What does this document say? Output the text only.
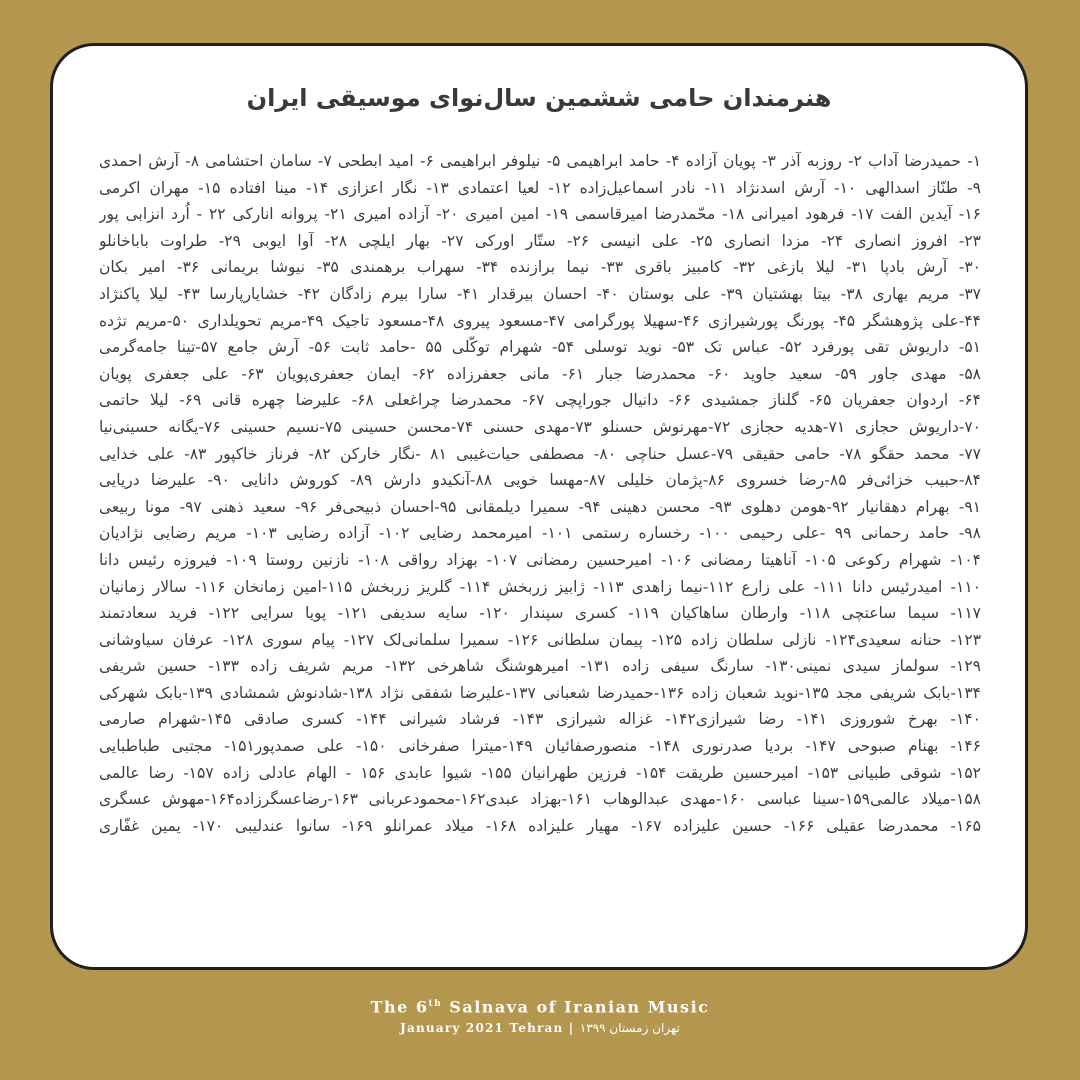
هنرمندان حامی ششمین سال‌نوای موسیقی ایران
۱- حمیدرضا آداب ۲- روزبه آذر ۳- پویان آزاده ۴- حامد ابراهیمی ۵- نیلوفر ابراهیمی ۶- امید ابطحی ۷- سامان احتشامی ۸- آرش احمدی
۹- طنّاز اسدالهی ۱۰- آرش اسدنژاد ۱۱- نادر اسماعیل‌زاده ۱۲- لعیا اعتمادی ۱۳- نگار اعزازی ۱۴- مینا افتاده ۱۵- مهران اکرمی
۱۶- آیدین الفت ۱۷- فرهود امیرانی ۱۸- محّمدرضا امیرقاسمی ۱۹- امین امیری ۲۰- آزاده امیری ۲۱- پروانه انارکی ۲۲ - اُرد انزابی پور
۲۳- افروز انصاری ۲۴- مزدا انصاری ۲۵- علی انیسی ۲۶- ستّار اورکی ۲۷- بهار ایلچی ۲۸- آوا ایوبی ۲۹- طراوت باباخانلو
۳۰- آرش بادپا ۳۱- لیلا بازغی ۳۲- کامبیز باقری ۳۳- نیما برازنده ۳۴- سهراب برهمندی ۳۵- نیوشا بریمانی ۳۶- امیر بکان
۳۷- مریم بهاری ۳۸- بیتا بهشتیان ۳۹- علی بوستان ۴۰- احسان بیرقدار ۴۱- سارا بیرم زادگان ۴۲- خشایارپارسا ۴۳- لیلا پاکنژاد
۴۴-علی پژوهشگر ۴۵- پورنگ پورشیرازی ۴۶-سهیلا پورگرامی ۴۷-مسعود پیروی ۴۸-مسعود تاجیک ۴۹-مریم تحویلداری ۵۰-مریم تژده
۵۱- داریوش تقی پورفرد ۵۲- عباس تک ۵۳- نوید توسلی ۵۴- شهرام توکّلی ۵۵ -حامد ثابت ۵۶- آرش جامع ۵۷-تینا جامه‌گرمی
۵۸- مهدی جاور ۵۹- سعید جاوید ۶۰- محمدرضا جبار ۶۱- مانی جعفرزاده ۶۲- ایمان جعفری‌پویان ۶۳- علی جعفری پویان
۶۴- اردوان جعفریان ۶۵- گلناز جمشیدی ۶۶- دانیال جوراپچی ۶۷- محمدرضا چراغعلی ۶۸- علیرضا چهره قانی ۶۹- لیلا حاتمی
۷۰-داریوش حجازی ۷۱-هدیه حجازی ۷۲-مهرنوش حسنلو ۷۳-مهدی حسنی ۷۴-محسن حسینی ۷۵-نسیم حسینی ۷۶-یگانه حسینی‌نیا
۷۷- محمد حقگو ۷۸- حامی حقیقی ۷۹-عسل حناچی ۸۰- مصطفی حیات‌غیبی ۸۱ -نگار خارکن ۸۲- فرناز خاکپور ۸۳- علی خدایی
۸۴-حبیب خزائی‌فر ۸۵-رضا خسروی ۸۶-پژمان خلیلی ۸۷-مهسا خویی ۸۸-آنکیدو دارش ۸۹- کوروش دانایی ۹۰- علیرضا دریایی
۹۱- بهرام دهقانیار ۹۲-هومن دهلوی ۹۳- محسن دهینی ۹۴- سمیرا دیلمقانی ۹۵-احسان ذبیحی‌فر ۹۶- سعید ذهنی ۹۷- مونا ربیعی
۹۸- حامد رحمانی ۹۹ -علی رحیمی ۱۰۰- رخساره رستمی ۱۰۱- امیرمحمد رضایی ۱۰۲- آزاده رضایی ۱۰۳- مریم رضایی نژادیان
۱۰۴- شهرام رکوعی ۱۰۵- آناهیتا رمضانی ۱۰۶- امیرحسین رمضانی ۱۰۷- بهزاد رواقی ۱۰۸- نازنین روستا ۱۰۹- فیروزه رئیس دانا
۱۱۰- امیدرئیس دانا ۱۱۱- علی زارع ۱۱۲-نیما زاهدی ۱۱۳- ژابیز زربخش ۱۱۴- گلریز زربخش ۱۱۵-امین زمانخان ۱۱۶- سالار زمانیان
۱۱۷- سیما ساعتچی ۱۱۸- وارطان ساهاکیان ۱۱۹- کسری سپندار ۱۲۰- سایه سدیفی ۱۲۱- پویا سرایی ۱۲۲- فرید سعادتمند
۱۲۳- حنانه سعیدی۱۲۴- نازلی سلطان زاده ۱۲۵- پیمان سلطانی ۱۲۶- سمیرا سلمانی‌لک ۱۲۷- پیام سوری ۱۲۸- عرفان سیاوشانی
۱۲۹- سولماز سیدی نمینی۱۳۰- سارنگ سیفی زاده ۱۳۱- امیرهوشنگ شاهرخی ۱۳۲- مریم شریف زاده ۱۳۳- حسین شریفی
۱۳۴-بابک شریفی مجد ۱۳۵-نوید شعبان زاده ۱۳۶-حمیدرضا شعبانی ۱۳۷-علیرضا شفقی نژاد ۱۳۸-شادنوش شمشادی ۱۳۹-بابک شهرکی
۱۴۰- بهرخ شوروزی ۱۴۱- رضا شیرازی۱۴۲- غزاله شیرازی ۱۴۳- فرشاد شیرانی ۱۴۴- کسری صادقی ۱۴۵-شهرام صارمی
۱۴۶- بهنام صبوحی ۱۴۷- بردیا صدرنوری ۱۴۸- منصورصفائیان ۱۴۹-میترا صفرخانی ۱۵۰- علی صمدپور۱۵۱- مجتبی طباطبایی
۱۵۲- شوقی طبیانی ۱۵۳- امیرحسین طریقت ۱۵۴- فرزین طهرانیان ۱۵۵- شیوا عابدی ۱۵۶ - الهام عادلی زاده ۱۵۷- رضا عالمی
۱۵۸-میلاد عالمی۱۵۹-سینا عباسی ۱۶۰-مهدی عبدالوهاب ۱۶۱-بهزاد عبدی۱۶۲-محمودعربانی ۱۶۳-رضاعسگرزاده۱۶۴-مهوش عسگری
۱۶۵- محمدرضا عقیلی ۱۶۶- حسین علیزاده ۱۶۷- مهیار علیزاده ۱۶۸- میلاد عمرانلو ۱۶۹- سانوا عندلیبی ۱۷۰- یمین غفّاری
The 6th Salnava of Iranian Music
January 2021 Tehran | تهران زمستان ۱۳۹۹
